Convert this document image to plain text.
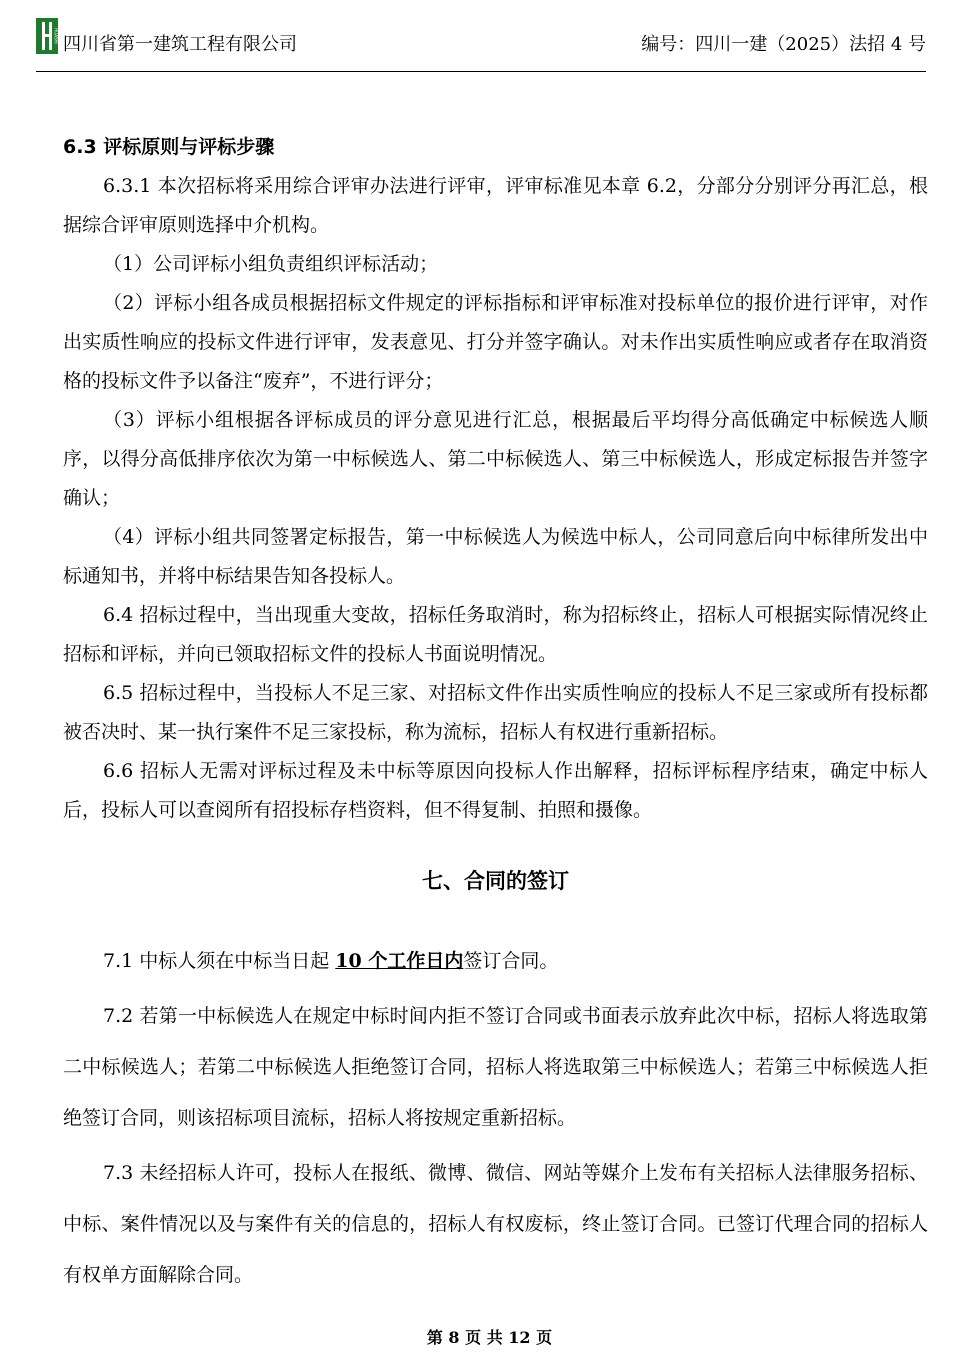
HUASHI 四川省第一建筑工程有限公司	编号：四川一建（2025）法招 4 号

6.3 评标原则与评标步骤

6.3.1 本次招标将采用综合评审办法进行评审，评审标准见本章 6.2，分部分分别评分再汇总，根据综合评审原则选择中介机构。

（1）公司评标小组负责组织评标活动；

（2）评标小组各成员根据招标文件规定的评标指标和评审标准对投标单位的报价进行评审，对作出实质性响应的投标文件进行评审，发表意见、打分并签字确认。对未作出实质性响应或者存在取消资格的投标文件予以备注“废弃”，不进行评分；

（3）评标小组根据各评标成员的评分意见进行汇总，根据最后平均得分高低确定中标候选人顺序，以得分高低排序依次为第一中标候选人、第二中标候选人、第三中标候选人，形成定标报告并签字确认；

（4）评标小组共同签署定标报告，第一中标候选人为候选中标人，公司同意后向中标律所发出中标通知书，并将中标结果告知各投标人。

6.4 招标过程中，当出现重大变故，招标任务取消时，称为招标终止，招标人可根据实际情况终止招标和评标，并向已领取招标文件的投标人书面说明情况。

6.5 招标过程中，当投标人不足三家、对招标文件作出实质性响应的投标人不足三家或所有投标都被否决时、某一执行案件不足三家投标，称为流标，招标人有权进行重新招标。

6.6 招标人无需对评标过程及未中标等原因向投标人作出解释，招标评标程序结束，确定中标人后，投标人可以查阅所有招投标存档资料，但不得复制、拍照和摄像。

七、合同的签订

7.1 中标人须在中标当日起 10 个工作日内签订合同。

7.2 若第一中标候选人在规定中标时间内拒不签订合同或书面表示放弃此次中标，招标人将选取第二中标候选人；若第二中标候选人拒绝签订合同，招标人将选取第三中标候选人；若第三中标候选人拒绝签订合同，则该招标项目流标，招标人将按规定重新招标。

7.3 未经招标人许可，投标人在报纸、微博、微信、网站等媒介上发布有关招标人法律服务招标、中标、案件情况以及与案件有关的信息的，招标人有权废标，终止签订合同。已签订代理合同的招标人有权单方面解除合同。

第 8 页 共 12 页
